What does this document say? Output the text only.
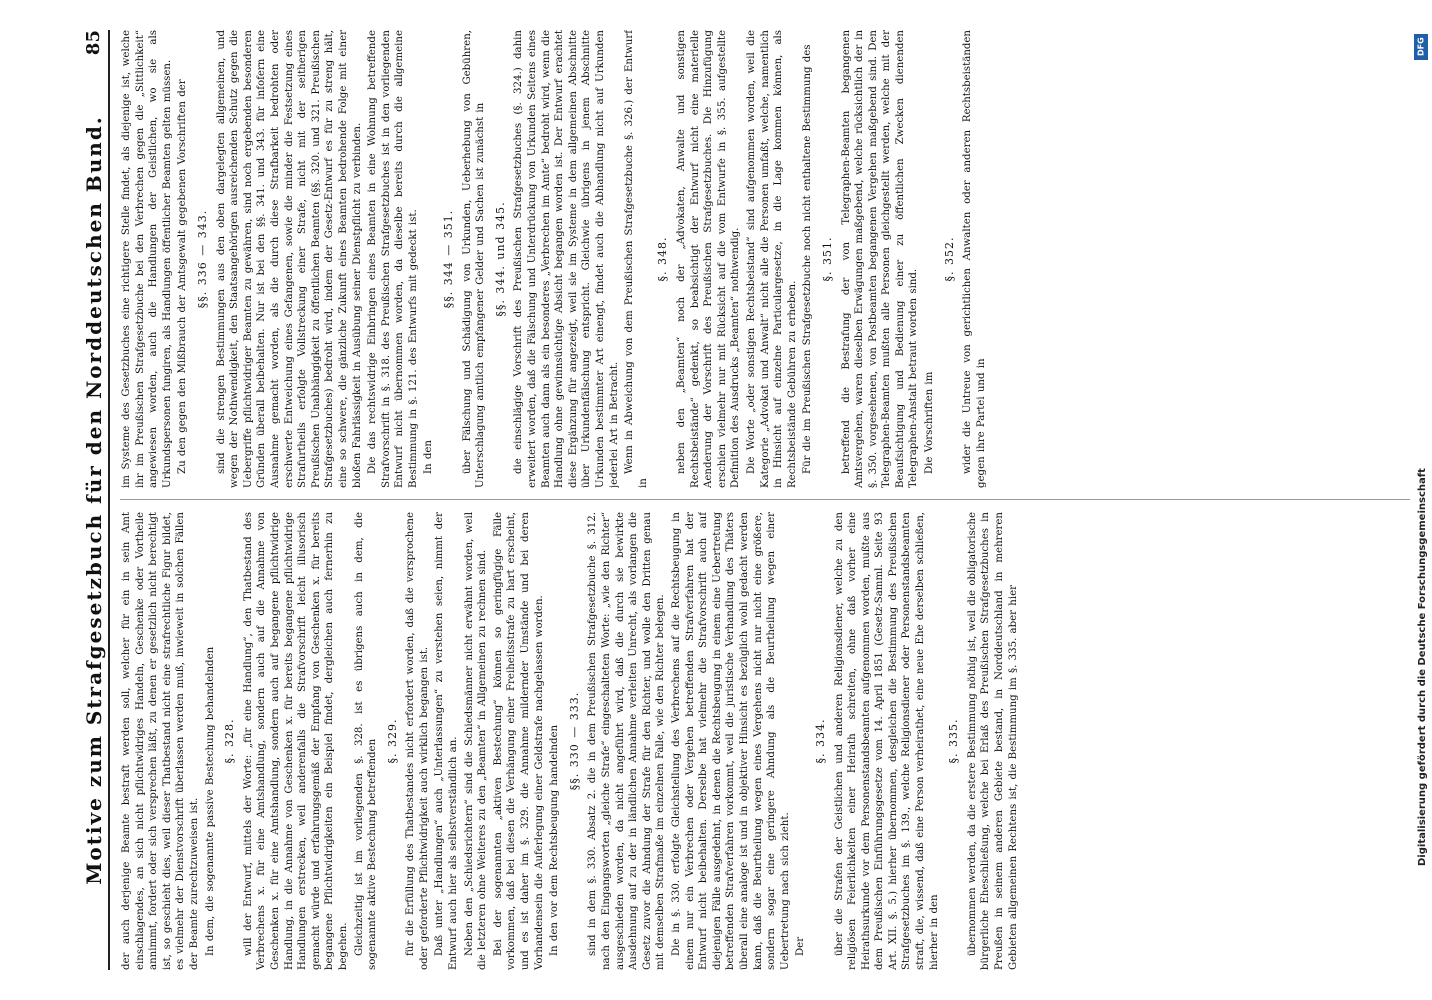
Motive zum Strafgesetzbuch für den Norddeutschen Bund.
85

der auch derjenige Beamte bestraft werden soll, welcher für ein in sein Amt einschlagendes, an sich nicht pflichtwidriges Handeln, Geschenke oder Vortheile annimmt, fordert oder sich versprechen läßt, zu denen er gesetzlich nicht berechtigt ist, so geschieht dies, weil dieser Thatbestand nicht eine strafrechtliche Figur bildet, es vielmehr der Dienstvorschrift überlassen werden muß, inwieweit in solchen Fällen der Beamte zurechtzuweisen ist. In dem, die sogenannte passive Bestechung behandelnden §. 328. will der Entwurf, mittels der Worte: „für eine Handlung“, den Thatbestand des Verbrechens x. für eine Amtshandlung, sondern auch auf die Annahme von Geschenken x. für eine Amtshandlung, sondern auch auf begangene pflichtwidrige Handlung, in die Annahme von Geschenken x. für bereits begangene pflichtwidrige Handlungen erstrecken, weil anderenfalls die Strafvorschrift leicht illusorisch gemacht würde und erfahrungsgemäß der Empfang von Geschenken x. für bereits begangene Pflichtwidrigkeiten ein Beispiel findet, dergleichen auch fernerhin zu begehen. Gleichzeitig ist im vorliegenden §. 328. ist es übrigens auch in dem, die sogenannte aktive Bestechung betreffenden §. 329. für die Erfüllung des Thatbestandes nicht erfordert worden, daß die versprochene oder geforderte Pflichtwidrigkeit auch wirklich begangen ist. Daß unter „Handlungen“ auch „Unterlassungen“ zu verstehen seien, nimmt der Entwurf auch hier als selbstverständlich an. Neben den „Schiedsrichtern“ sind die Schiedsmänner nicht erwähnt worden, weil die letzteren ohne Weiteres zu den „Beamten“ in Allgemeinen zu rechnen sind. Bei der sogenannten „aktiven Bestechung“ können so geringfügige Fälle vorkommen, daß bei diesen die Verhängung einer Freiheitsstrafe zu hart erscheint, und es ist daher im §. 329. die Annahme mildernder Umstände und bei deren Vorhandensein die Auferlegung einer Geldstrafe nachgelassen worden. In den vor dem Rechtsbeugung handelnden §§. 330 — 333. sind in dem §. 330. Absatz 2. die in dem Preußischen Strafgesetzbuche §. 312. nach den Eingangsworten „gleiche Strafe“ eingeschalteten Worte: „wie den Richter“ ausgeschieden worden, da nicht angeführt wird, daß die durch sie bewirkte Ausdehnung auf zu der in ländlichen Annahme verleiten Unrecht, als vorlangen die Gesetz zuvor die Ahndung der Strafe für den Richter, und wolle den Dritten genau mit demselben Strafmaße im einzelnen Falle, wie den Richter belegen. Die in §. 330. erfolgte Gleichstellung des Verbrechens auf die Rechtsbeugung in einem nur ein Verbrechen oder Vergehen betreffenden Strafverfahren hat der Entwurf nicht beibehalten. Derselbe hat vielmehr die Strafvorschrift auch auf diejenigen Fälle ausgedehnt, in denen die Rechtsbeugung in einem eine Uebertretung betreffenden Strafverfahren vorkommt, weil die juristische Verhandlung des Thäters überall eine analoge ist und in objektiver Hinsicht es bezüglich wohl gedacht werden kann, daß die Beurtheilung wegen eines Vergehens nicht nur nicht eine größere, sondern sogar eine geringere Ahndung als die Beurtheilung wegen einer Uebertretung nach sich zieht. Der

§. 334. über die Strafen der Geistlichen und anderen Religionsdiener, welche zu den religiösen Feierlichkeiten einer Heirath schreiten, ohne daß vorher eine Heirathsurkunde vor dem Personenstandsbeamten aufgenommen worden, mußte aus dem Preußischen Einführungsgesetze vom 14. April 1851 (Gesetz-Samml. Seite 93 Art. XII. §. 5.) hierher übernommen, desgleichen die Bestimmung des Preußischen Strafgesetzbuches im §. 139., welche Religionsdiener oder Personenstandsbeamten straft, die, wissend, daß eine Person verheirathet, eine neue Ehe derselben schließen, hierher in den

§. 335. übernommen werden, da die erstere Bestimmung nöthig ist, weil die obligatorische bürgerliche Eheschließung, welche bei Erlaß des Preußischen Strafgesetzbuches in Preußen in seinem anderen Gebiete bestand, in Norddeutschland in mehreren Gebieten allgemeinen Rechtens ist, die Bestimmung im §. 335. aber hier

im Systeme des Gesetzbuches eine richtigere Stelle findet, als diejenige ist, welche ihr im Preußischen Strafgesetzbuche bei den Verbrechen gegen die „Sittlichkeit“ angewiesen worden, auch die Handlungen der Geistlichen, wo sie als Urkundspersonen fungiren, als Handlungen öffentlicher Beamten gelten müssen. Zu den gegen den Mißbrauch der Amtsgewalt gegebenen Vorschriften der §§. 336 — 343. sind die strengen Bestimmungen aus den oben dargelegten allgemeinen, und wegen der Nothwendigkeit, den Staatsangehörigen ausreichenden Schutz gegen die Uebergriffe pflichtwidriger Beamten zu gewähren, sind noch ergebenden besonderen Gründen überall beibehalten. Nur ist bei den §§. 341. und 343. für infofern eine Ausnahme gemacht worden, als die durch diese Strafbarkeit bedrohten oder erschwerte Entweichung eines Gefangenen, sowie die minder die Festsetzung eines Strafurtheils erfolgte Vollstreckung einer Strafe, nicht mit der seitherigen Preußischen Unabhängigkeit zu öffentlichen Beamten (§§. 320. und 321. Preußischen Strafgesetzbuches) bedroht wird, indem der Gesetz-Entwurf es für zu streng hält, eine so schwere, die gänzliche Zukunft eines Beamten bedrohende Folge mit einer bloßen Fahrlässigkeit in Ausübung seiner Dienstpflicht zu verbinden. Die das rechtswidrige Einbringen eines Beamten in eine Wohnung betreffende Strafvorschrift in §. 318. des Preußischen Strafgesetzbuches ist in den vorliegenden Entwurf nicht übernommen worden, da dieselbe bereits durch die allgemeine Bestimmung in §. 121. des Entwurfs mit gedeckt ist. In den

§§. 344 — 351. über Fälschung und Schädigung von Urkunden, Ueberhebung von Gebühren, Unterschlagung amtlich empfangener Gelder und Sachen ist zunächst in §§. 344. und 345. die einschlägige Vorschrift des Preußischen Strafgesetzbuches (§. 324.) dahin erweitert worden, daß die Fälschung und Unterdrückung von Urkunden Seitens eines Beamten auch dann als ein besonderes „Verbrechen im Amte“ bedroht wird, wenn die Handlung ohne gewinnsüchtige Absicht begangen worden ist. Der Entwurf erachtet diese Ergänzung für angezeigt, weil sie im Systeme in dem allgemeinen Abschnitte über Urkundenfälschung entspricht. Gleichwie übrigens in jenem Abschnitte Urkunden bestimmter Art einengt, findet auch die Abhandlung nicht auf Urkunden jederlei Art in Betracht. Wenn in Abweichung von dem Preußischen Strafgesetzbuche §. 326.) der Entwurf in

§. 348. neben den „Beamten“ noch der „Advokaten, Anwalte und sonstigen Rechtsbeistände“ gedenkt, so beabsichtigt der Entwurf nicht eine materielle Aenderung der Vorschrift des Preußischen Strafgesetzbuches. Die Hinzufügung erschien vielmehr nur mit Rücksicht auf die vom Entwurfe in §. 355. aufgestellte Definition des Ausdrucks „Beamten“ nothwendig. Die Worte „oder sonstigen Rechtsbeistand“ sind aufgenommen worden, weil die Kategorie „Advokat und Anwalt“ nicht alle die Personen umfaßt, welche, namentlich in Hinsicht auf einzelne Particulargesetze, in die Lage kommen können, als Rechtsbeistände Gebühren zu erheben. Für die im Preußischen Strafgesetzbuche noch nicht enthaltene Bestimmung des §. 351. betreffend die Bestrafung der von Telegraphen-Beamten begangenen Amtsvergehen, waren dieselben Erwägungen maßgebend, welche rücksichtlich der in §. 350. vorgesehenen, von Postbeamten begangenen Vergehen maßgebend sind. Den Telegraphen-Beamten mußten alle Personen gleichgestellt werden, welche mit der Beaufsichtigung und Bedienung einer zu öffentlichen Zwecken dienenden Telegraphen-Anstalt betraut worden sind. Die Vorschriften im

§. 352. wider die Untreue von gerichtlichen Anwalten oder anderen Rechtsbeiständen gegen ihre Partei und in

DFG
Digitalisierung gefördert durch die Deutsche Forschungsgemeinschaft
